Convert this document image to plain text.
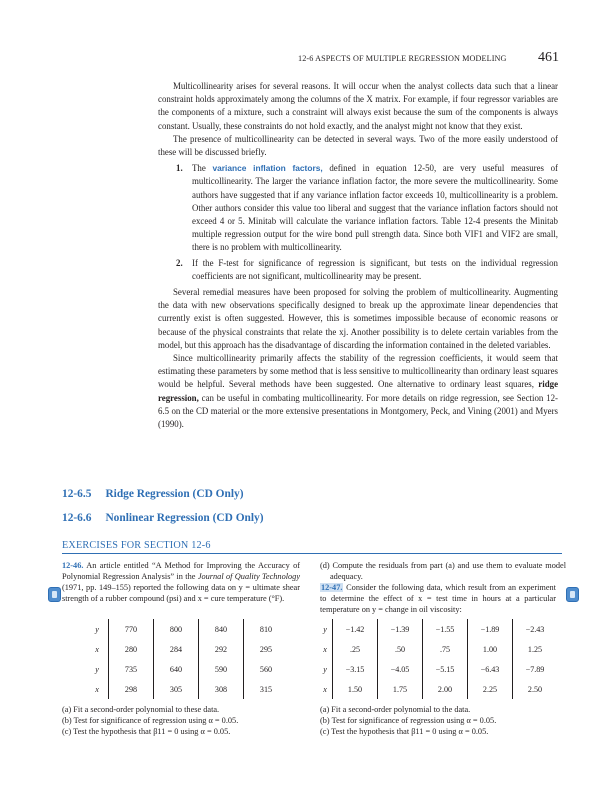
12-6 ASPECTS OF MULTIPLE REGRESSION MODELING	461

Multicollinearity arises for several reasons. It will occur when the analyst collects data such that a linear constraint holds approximately among the columns of the X matrix. For example, if four regressor variables are the components of a mixture, such a constraint will always exist because the sum of the components is always constant. Usually, these constraints do not hold exactly, and the analyst might not know that they exist.

The presence of multicollinearity can be detected in several ways. Two of the more easily understood of these will be discussed briefly.

1. The variance inflation factors, defined in equation 12-50, are very useful measures of multicollinearity. The larger the variance inflation factor, the more severe the multicollinearity. Some authors have suggested that if any variance inflation factor exceeds 10, multicollinearity is a problem. Other authors consider this value too liberal and suggest that the variance inflation factors should not exceed 4 or 5. Minitab will calculate the variance inflation factors. Table 12-4 presents the Minitab multiple regression output for the wire bond pull strength data. Since both VIF1 and VIF2 are small, there is no problem with multicollinearity.
2. If the F-test for significance of regression is significant, but tests on the individual regression coefficients are not significant, multicollinearity may be present.

Several remedial measures have been proposed for solving the problem of multicollinearity. Augmenting the data with new observations specifically designed to break up the approximate linear dependencies that currently exist is often suggested. However, this is sometimes impossible because of economic reasons or because of the physical constraints that relate the xj. Another possibility is to delete certain variables from the model, but this approach has the disadvantage of discarding the information contained in the deleted variables.

Since multicollinearity primarily affects the stability of the regression coefficients, it would seem that estimating these parameters by some method that is less sensitive to multicollinearity than ordinary least squares would be helpful. Several methods have been suggested. One alternative to ordinary least squares, ridge regression, can be useful in combating multicollinearity. For more details on ridge regression, see Section 12-6.5 on the CD material or the more extensive presentations in Montgomery, Peck, and Vining (2001) and Myers (1990).

12-6.5 Ridge Regression (CD Only)
12-6.6 Nonlinear Regression (CD Only)
EXERCISES FOR SECTION 12-6
12-46. An article entitled “A Method for Improving the Accuracy of Polynomial Regression Analysis” in the Journal of Quality Technology (1971, pp. 149–155) reported the following data on y = ultimate shear strength of a rubber compound (psi) and x = cure temperature (°F).
y	770	800	840	810
x	280	284	292	295
y	735	640	590	560
x	298	305	308	315
(a) Fit a second-order polynomial to these data.
(b) Test for significance of regression using α = 0.05.
(c) Test the hypothesis that β11 = 0 using α = 0.05.
(d) Compute the residuals from part (a) and use them to evaluate model adequacy.
12-47. Consider the following data, which result from an experiment to determine the effect of x = test time in hours at a particular temperature on y = change in oil viscosity:
y	−1.42	−1.39	−1.55	−1.89	−2.43
x	.25	.50	.75	1.00	1.25
y	−3.15	−4.05	−5.15	−6.43	−7.89
x	1.50	1.75	2.00	2.25	2.50
(a) Fit a second-order polynomial to the data.
(b) Test for significance of regression using α = 0.05.
(c) Test the hypothesis that β11 = 0 using α = 0.05.
